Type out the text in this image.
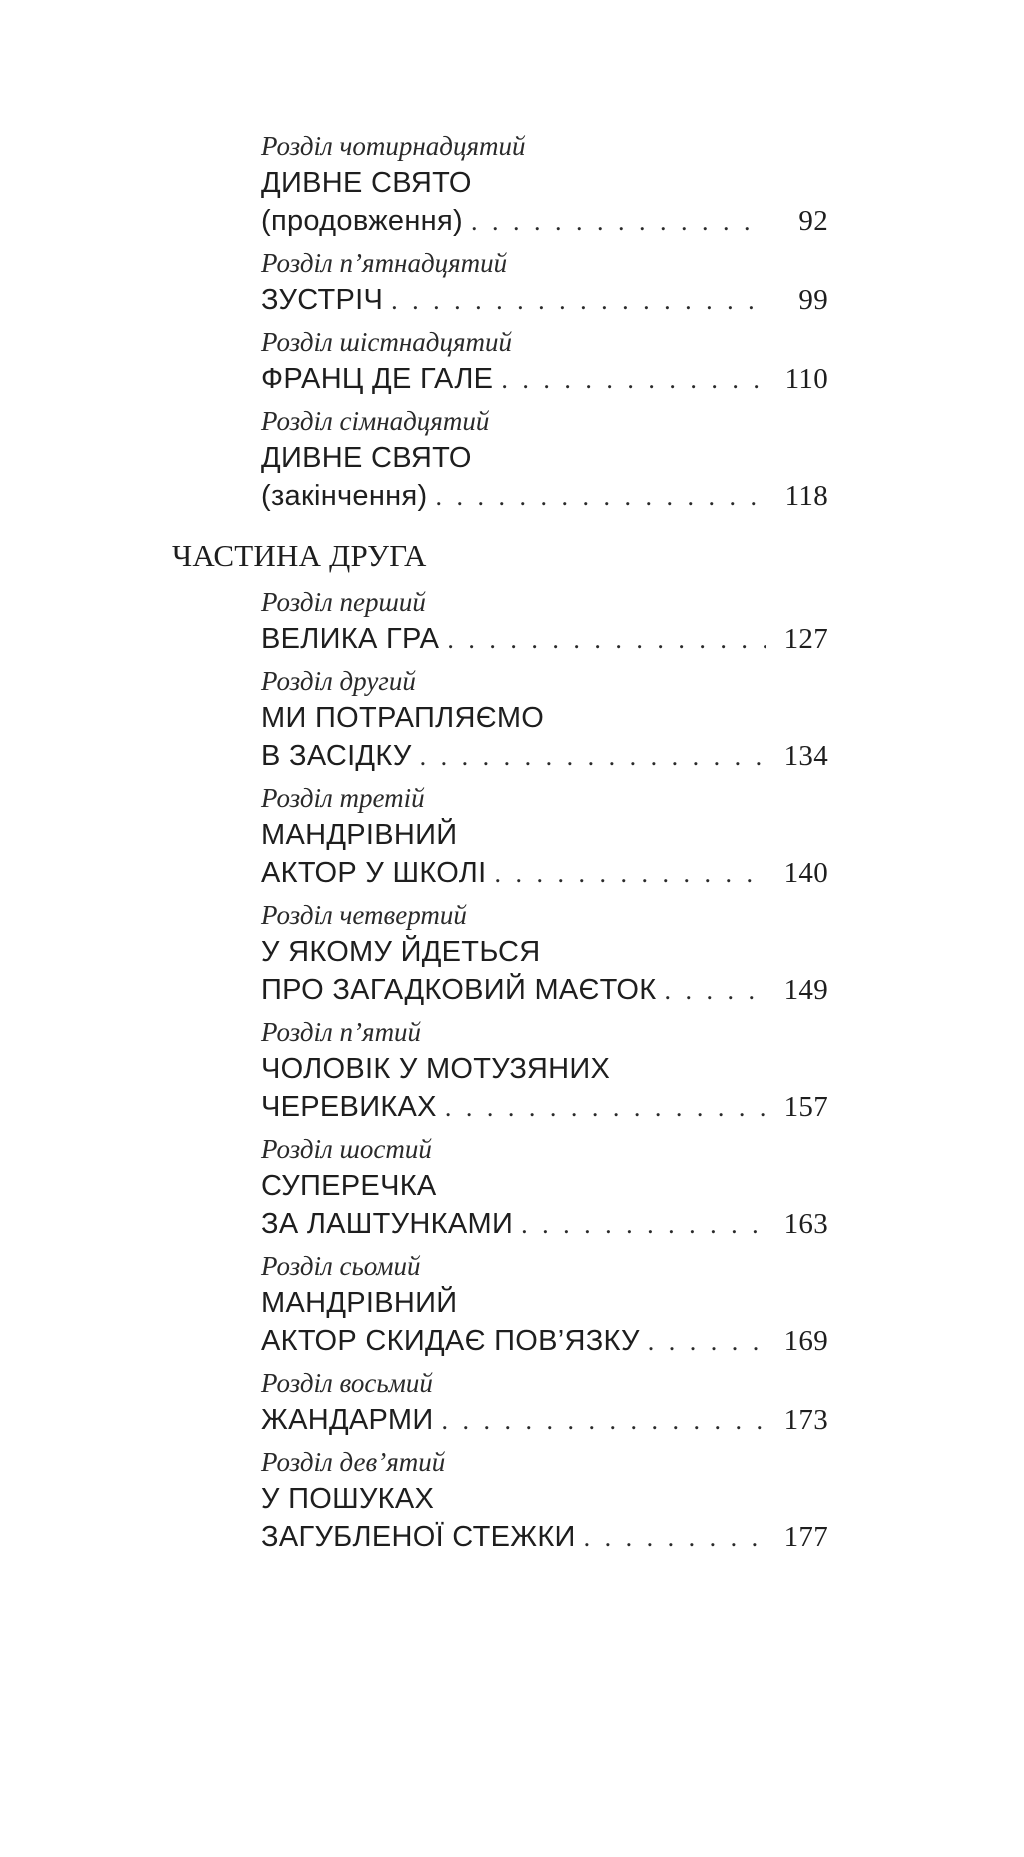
Розділ чотирнадцятий
ДИВНЕ СВЯТО
(продовження) . . .	92
Розділ п’ятнадцятий
ЗУСТРІЧ . . .	99
Розділ шістнадцятий
ФРАНЦ ДЕ ГАЛЕ . . .	110
Розділ сімнадцятий
ДИВНЕ СВЯТО
(закінчення) . . .	118
ЧАСТИНА ДРУГА
Розділ перший
ВЕЛИКА ГРА . . .	127
Розділ другий
МИ ПОТРАПЛЯЄМО
В ЗАСІДКУ . . .	134
Розділ третій
МАНДРІВНИЙ
АКТОР У ШКОЛІ . . .	140
Розділ четвертий
У ЯКОМУ ЙДЕТЬСЯ
ПРО ЗАГАДКОВИЙ МАЄТОК . . .	149
Розділ п’ятий
ЧОЛОВІК У МОТУЗЯНИХ
ЧЕРЕВИКАХ . . .	157
Розділ шостий
СУПЕРЕЧКА
ЗА ЛАШТУНКАМИ . . .	163
Розділ сьомий
МАНДРІВНИЙ
АКТОР СКИДАЄ ПОВ’ЯЗКУ . . .	169
Розділ восьмий
ЖАНДАРМИ . . .	173
Розділ дев’ятий
У ПОШУКАХ
ЗАГУБЛЕНОЇ СТЕЖКИ . . .	177
